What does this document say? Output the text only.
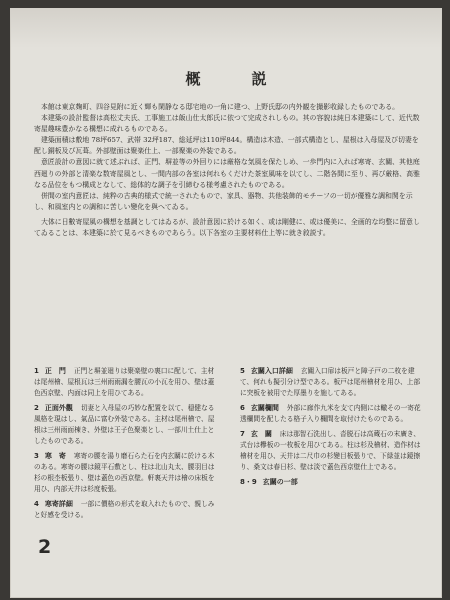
概　説

本館は東京麹町、四谷見附に近く輝も閑静なる邸宅地の一角に建つ、上野氏邸の内外観を撮影收録したものである。

本建築の設計監督は高松丈夫氏、工事施工は飯山仕太郎氏に依つて完成されしもの。其の容貌は純日本建築にして、近代数寄屋趣味豊かなる構想に成れるものである。

建築面積は敷地 78坪657、武帯 32坪187、総延坪は110坪844。構造は木造、一部式構造とし、屋根は入母屋及び切妻を配し銅板及び瓦葺。外部壁面は聚楽仕上、一部聚楽の外装である。

意匠設計の意図に就て述ぶれば、正門、塀並等の外回りには厳格な気風を保たしめ、一歩門内に入れば寒寄、玄關、其他庭西廻りの外部と清楽な数寄屋風とし、一間内部の各室は何れもくだけた茶室風味を以てし、二階各間に至り、再び厳格、高雅なる品位をもつ構成となして、総体的な調子を引締むる様考慮されたものである。

併間の室内意匠は、純粋の古典的様式で統一されたもので、家具、器物、共他装飾的モチーフの一切が優雅な調和関を示し、和風室内との調和に苦しい變化を與へてゐる。

大体に日數寄屋風の構想を基調としてはゐるが、設計意図に於ける如く、或は剛健に、或は優美に、全画的な均整に留意してゐることは、本建築に於て見るべきものであらう。以下各室の主要材料仕上等に就き敘説す。

1 正　門 正門と塀並廻りは聚楽壁の裏口に配して、主材は尾州檜、屋根瓦は三州雨雨漏を腰瓦の小瓦を用ひ、壁は蓋色西京壁、内面は同上を用ひてある。
2 正面外觀 切妻と入母屋の巧妙な配置を以て、穏健なる風格を現はし、氣品に富む外装である。主材は尾州檜で、屋根は三州雨面棟き、外壁は王子色聚楽とし、一部川土仕上としたものである。
3 寒　寄 寒寄の腰を湯り磨石らた石を内玄關に於ける木のある。寒寄の腰は鏡平石敷とし、柱は北山丸太、腰羽目は杉の根杢板張り、壁は蓋色の西京壁。軒裏天井は檜の床板を用ひ、内部天井は杉度板張。
4 寒寄詳細 一部に價格の形式を取入れたもので、親しみと好感を受ける。
5 玄關入口詳細 玄關入口扉は板戸と障子戸の二枚を建て、何れも擬引分け型である。板戸は尾州檜材を用ひ、上部に突板を被用でた厚墨りを施してある。
6 玄關欄間 外部に廊作九米を支て内側には轍その一寄花透欄間を配したる格子入り欄間を取付けたものである。
7 玄　關 床は那智石洗出し、沓脱石は高蔵石の末廣き、式台は欅板の一枚板を用ひてある。柱は杉及檜材、造作材は檜材を用ひ、天井は二尺巾の杉變目板張りで、下緑並は鏡擦り、桑文は春日杉、壁は淡で蓋色西京壁仕上である。
8・9 玄關の一部
2
